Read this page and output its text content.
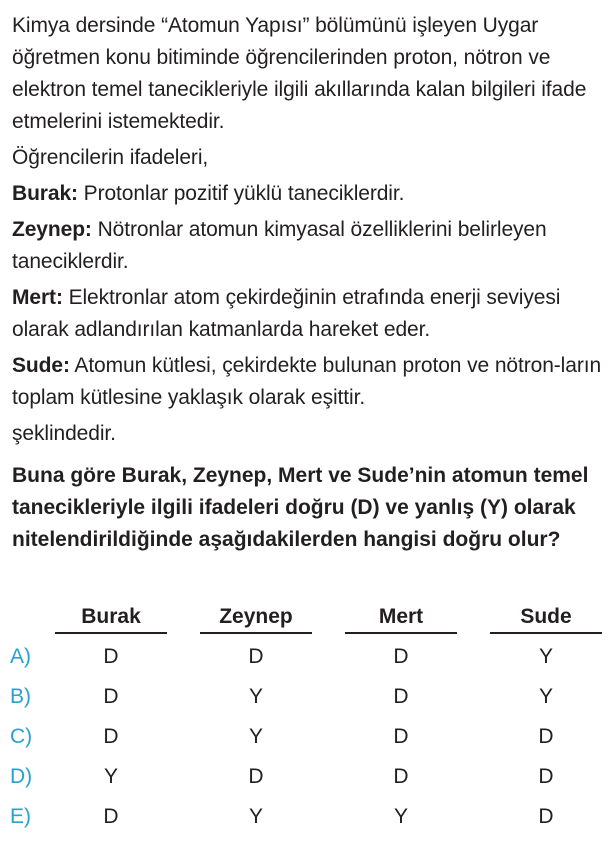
Kimya dersinde “Atomun Yapısı” bölümünü işleyen Uygar öğretmen konu bitiminde öğrencilerinden proton, nötron ve elektron temel tanecikleriyle ilgili akıllarında kalan bilgileri ifade etmelerini istemektedir.

Öğrencilerin ifadeleri,

Burak: Protonlar pozitif yüklü taneciklerdir.

Zeynep: Nötronlar atomun kimyasal özelliklerini belirleyen taneciklerdir.

Mert: Elektronlar atom çekirdeğinin etrafında enerji seviyesi olarak adlandırılan katmanlarda hareket eder.

Sude: Atomun kütlesi, çekirdekte bulunan proton ve nötron-ların toplam kütlesine yaklaşık olarak eşittir.

şeklindedir.

Buna göre Burak, Zeynep, Mert ve Sude’nin atomun temel tanecikleriyle ilgili ifadeleri doğru (D) ve yanlış (Y) olarak nitelendirildiğinde aşağıdakilerden hangisi doğru olur?

Burak	Zeynep	Mert	Sude
A)	D	D	D	Y
B)	D	Y	D	Y
C)	D	Y	D	D
D)	Y	D	D	D
E)	D	Y	Y	D
